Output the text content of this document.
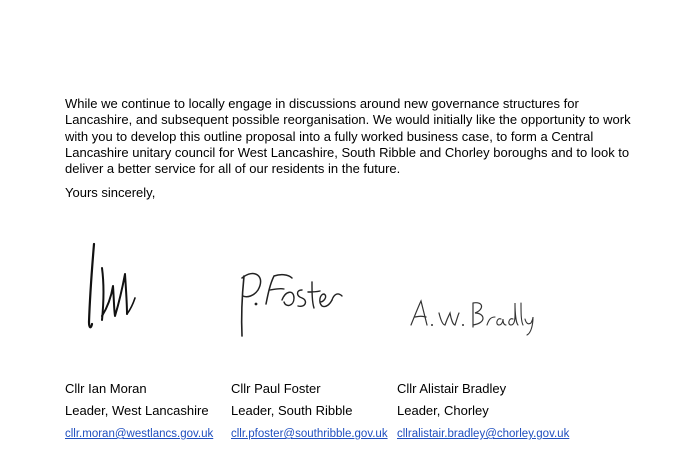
While we continue to locally engage in discussions around new governance structures for Lancashire, and subsequent possible reorganisation. We would initially like the opportunity to work with you to develop this outline proposal into a fully worked business case, to form a Central Lancashire unitary council for West Lancashire, South Ribble and Chorley boroughs and to look to deliver a better service for all of our residents in the future.

Yours sincerely,

Cllr Ian Moran
Leader, West Lancashire
cllr.moran@westlancs.gov.uk
Cllr Paul Foster
Leader, South Ribble
cllr.pfoster@southribble.gov.uk
Cllr Alistair Bradley
Leader, Chorley
cllralistair.bradley@chorley.gov.uk
